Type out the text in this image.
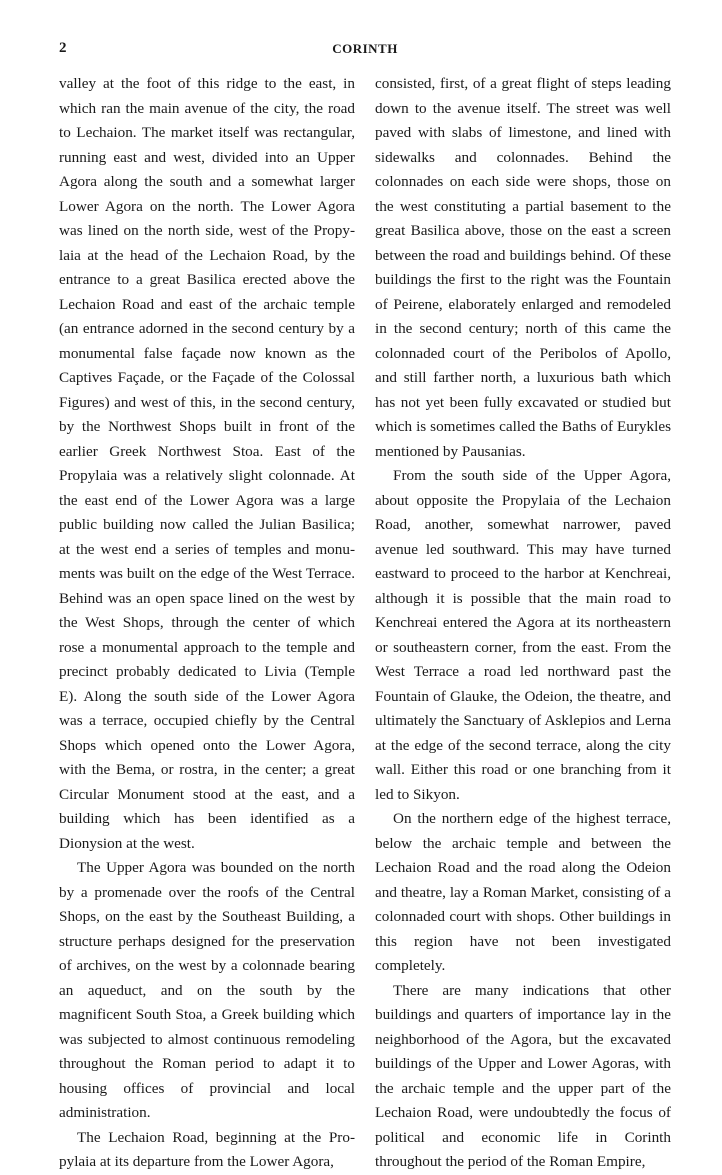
2	CORINTH

valley at the foot of this ridge to the east, in which ran the main avenue of the city, the road to Lechaion. The market itself was rectangular, running east and west, divided into an Upper Agora along the south and a somewhat larger Lower Agora on the north. The Lower Agora was lined on the north side, west of the Propylaia at the head of the Lechaion Road, by the entrance to a great Basilica erected above the Lechaion Road and east of the archaic temple (an entrance adorned in the second century by a monumental false façade now known as the Captives Façade, or the Façade of the Colossal Figures) and west of this, in the second century, by the Northwest Shops built in front of the earlier Greek Northwest Stoa. East of the Propylaia was a relatively slight colonnade. At the east end of the Lower Agora was a large public building now called the Julian Basilica; at the west end a series of temples and monuments was built on the edge of the West Terrace. Behind was an open space lined on the west by the West Shops, through the center of which rose a monumental approach to the temple and precinct probably dedicated to Livia (Temple E). Along the south side of the Lower Agora was a terrace, occupied chiefly by the Central Shops which opened onto the Lower Agora, with the Bema, or rostra, in the center; a great Circular Monument stood at the east, and a building which has been identified as a Dionysion at the west.

The Upper Agora was bounded on the north by a promenade over the roofs of the Central Shops, on the east by the Southeast Building, a structure perhaps designed for the preservation of archives, on the west by a colonnade bearing an aqueduct, and on the south by the magnificent South Stoa, a Greek building which was subjected to almost continuous remodeling throughout the Roman period to adapt it to housing offices of provincial and local administration.

The Lechaion Road, beginning at the Propylaia at its departure from the Lower Agora,

consisted, first, of a great flight of steps leading down to the avenue itself. The street was well paved with slabs of limestone, and lined with sidewalks and colonnades. Behind the colonnades on each side were shops, those on the west constituting a partial basement to the great Basilica above, those on the east a screen between the road and buildings behind. Of these buildings the first to the right was the Fountain of Peirene, elaborately enlarged and remodeled in the second century; north of this came the colonnaded court of the Peribolos of Apollo, and still farther north, a luxurious bath which has not yet been fully excavated or studied but which is sometimes called the Baths of Eurykles mentioned by Pausanias.

From the south side of the Upper Agora, about opposite the Propylaia of the Lechaion Road, another, somewhat narrower, paved avenue led southward. This may have turned eastward to proceed to the harbor at Kenchreai, although it is possible that the main road to Kenchreai entered the Agora at its northeastern or southeastern corner, from the east. From the West Terrace a road led northward past the Fountain of Glauke, the Odeion, the theatre, and ultimately the Sanctuary of Asklepios and Lerna at the edge of the second terrace, along the city wall. Either this road or one branching from it led to Sikyon.

On the northern edge of the highest terrace, below the archaic temple and between the Lechaion Road and the road along the Odeion and theatre, lay a Roman Market, consisting of a colonnaded court with shops. Other buildings in this region have not been investigated completely.

There are many indications that other buildings and quarters of importance lay in the neighborhood of the Agora, but the excavated buildings of the Upper and Lower Agoras, with the archaic temple and the upper part of the Lechaion Road, were undoubtedly the focus of political and economic life in Corinth throughout the period of the Roman Empire,
